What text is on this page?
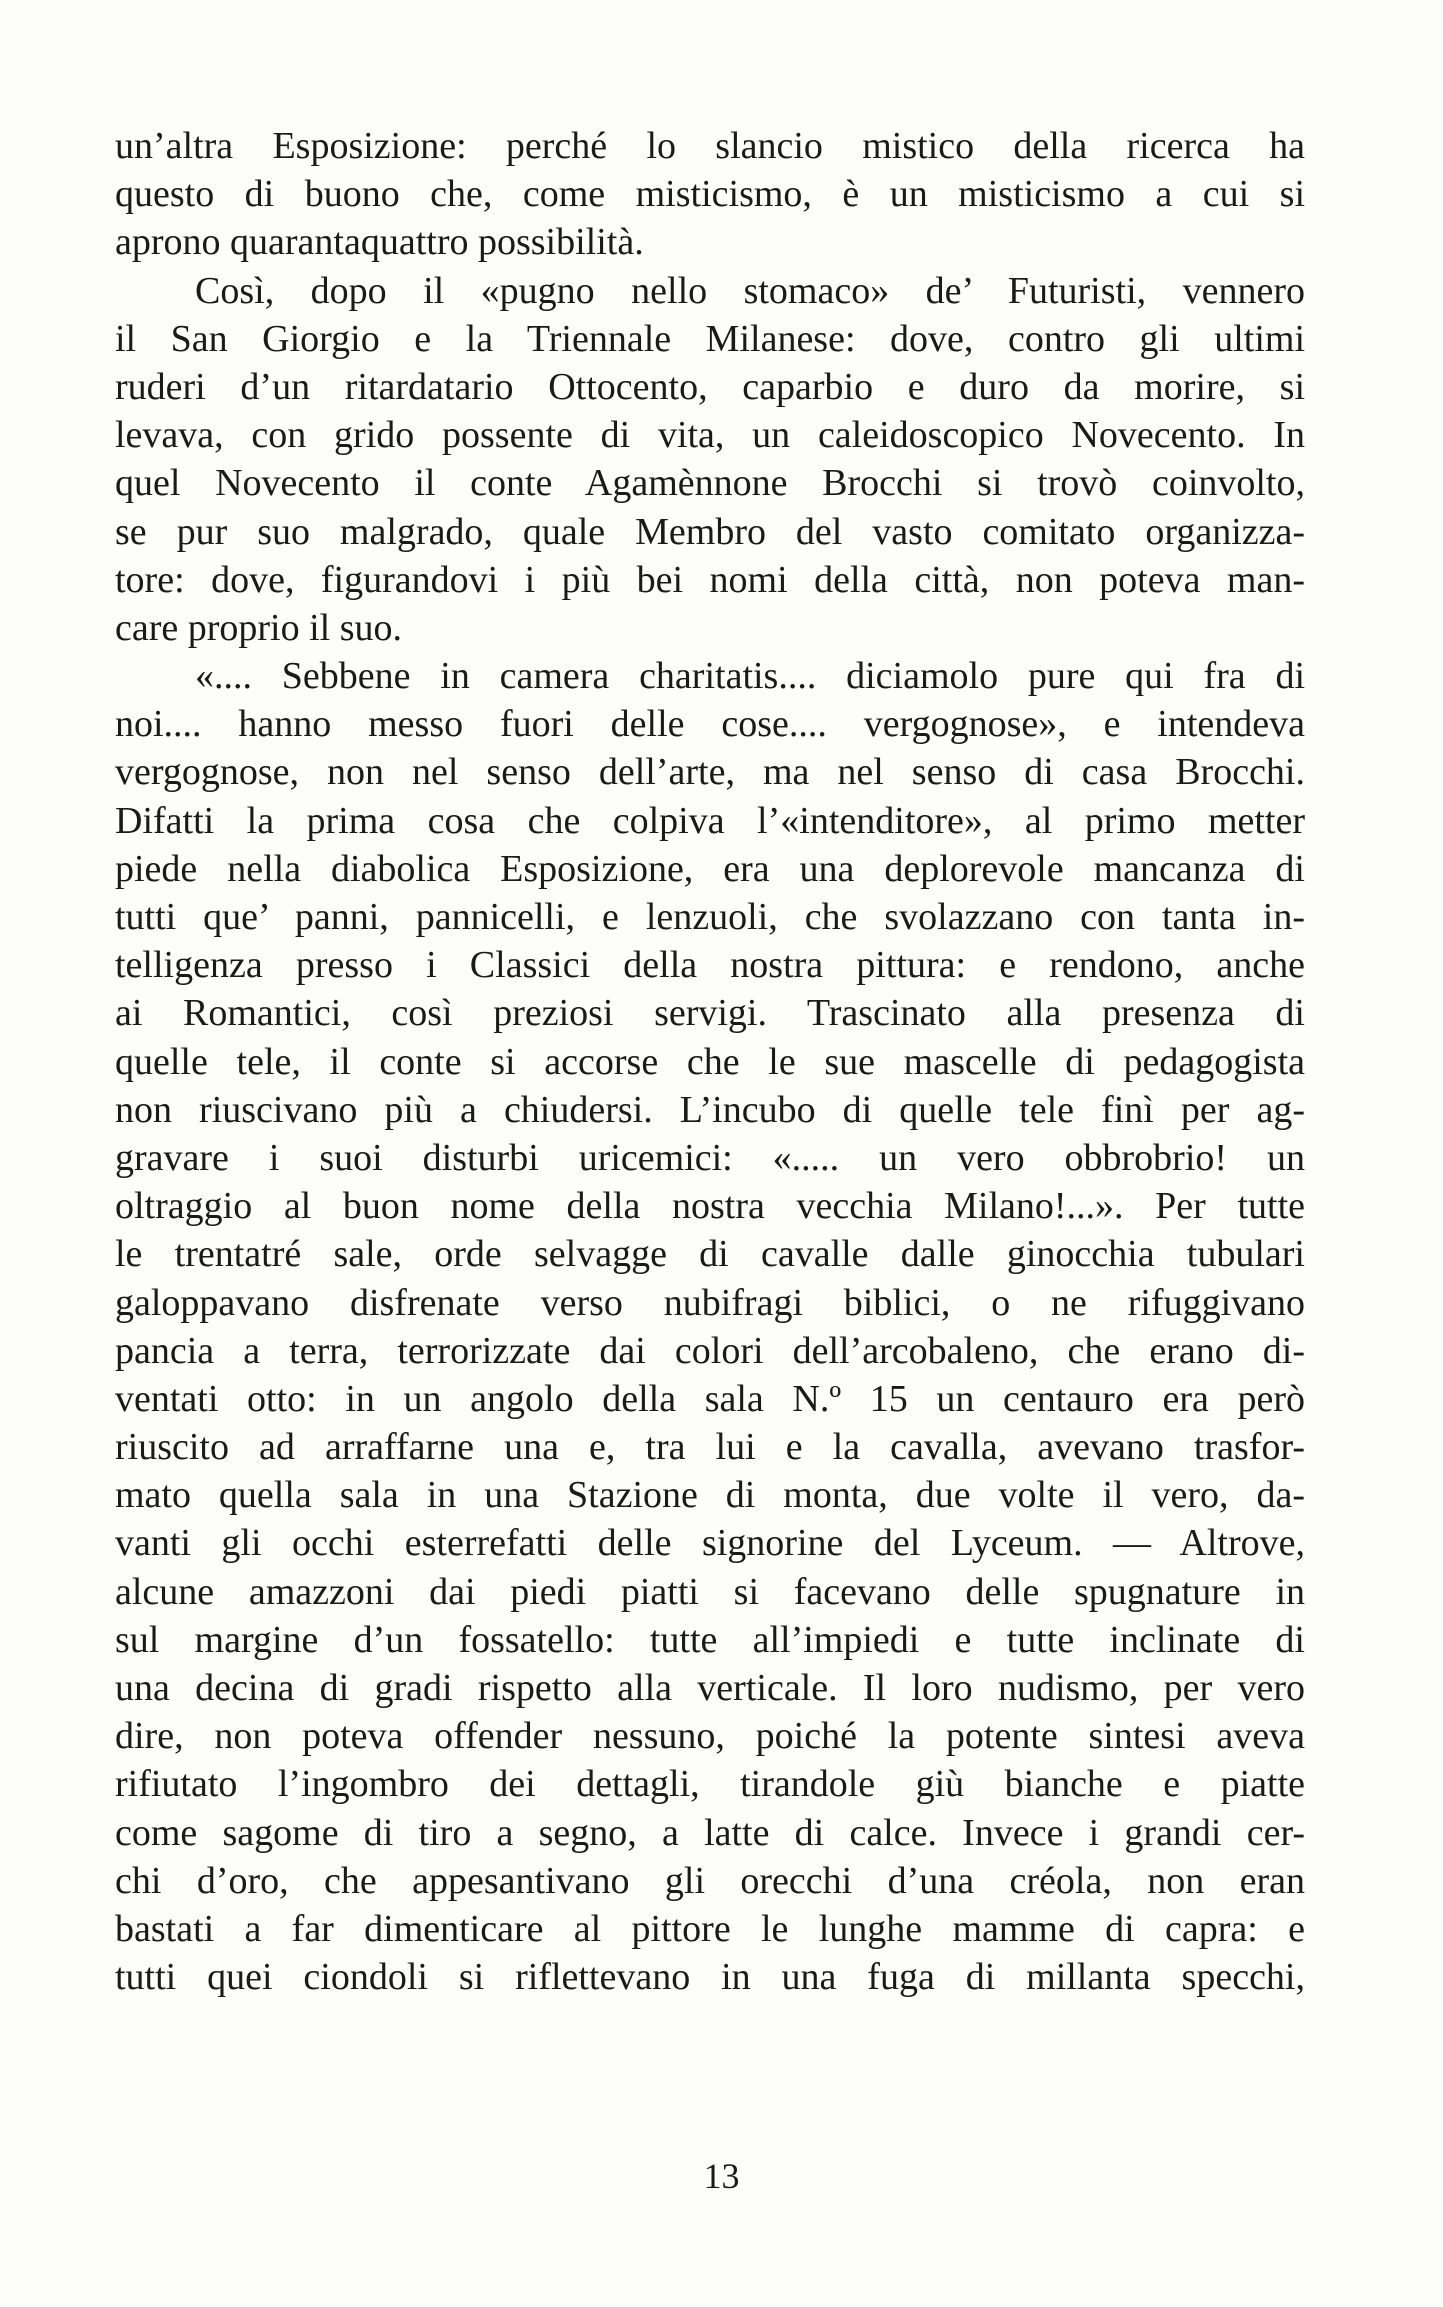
un’altra Esposizione: perché lo slancio mistico della ricerca ha
questo di buono che, come misticismo, è un misticismo a cui si
aprono quarantaquattro possibilità.
Così, dopo il «pugno nello stomaco» de’ Futuristi, vennero
il San Giorgio e la Triennale Milanese: dove, contro gli ultimi
ruderi d’un ritardatario Ottocento, caparbio e duro da morire, si
levava, con grido possente di vita, un caleidoscopico Novecento. In
quel Novecento il conte Agamènnone Brocchi si trovò coinvolto,
se pur suo malgrado, quale Membro del vasto comitato organizza-
tore: dove, figurandovi i più bei nomi della città, non poteva man-
care proprio il suo.
«.... Sebbene in camera charitatis.... diciamolo pure qui fra di
noi.... hanno messo fuori delle cose.... vergognose», e intendeva
vergognose, non nel senso dell’arte, ma nel senso di casa Brocchi.
Difatti la prima cosa che colpiva l’«intenditore», al primo metter
piede nella diabolica Esposizione, era una deplorevole mancanza di
tutti que’ panni, pannicelli, e lenzuoli, che svolazzano con tanta in-
telligenza presso i Classici della nostra pittura: e rendono, anche
ai Romantici, così preziosi servigi. Trascinato alla presenza di
quelle tele, il conte si accorse che le sue mascelle di pedagogista
non riuscivano più a chiudersi. L’incubo di quelle tele finì per ag-
gravare i suoi disturbi uricemici: «..... un vero obbrobrio! un
oltraggio al buon nome della nostra vecchia Milano!...». Per tutte
le trentatré sale, orde selvagge di cavalle dalle ginocchia tubulari
galoppavano disfrenate verso nubifragi biblici, o ne rifuggivano
pancia a terra, terrorizzate dai colori dell’arcobaleno, che erano di-
ventati otto: in un angolo della sala N.º 15 un centauro era però
riuscito ad arraffarne una e, tra lui e la cavalla, avevano trasfor-
mato quella sala in una Stazione di monta, due volte il vero, da-
vanti gli occhi esterrefatti delle signorine del Lyceum. — Altrove,
alcune amazzoni dai piedi piatti si facevano delle spugnature in
sul margine d’un fossatello: tutte all’impiedi e tutte inclinate di
una decina di gradi rispetto alla verticale. Il loro nudismo, per vero
dire, non poteva offender nessuno, poiché la potente sintesi aveva
rifiutato l’ingombro dei dettagli, tirandole giù bianche e piatte
come sagome di tiro a segno, a latte di calce. Invece i grandi cer-
chi d’oro, che appesantivano gli orecchi d’una créola, non eran
bastati a far dimenticare al pittore le lunghe mamme di capra: e
tutti quei ciondoli si riflettevano in una fuga di millanta specchi,
13
